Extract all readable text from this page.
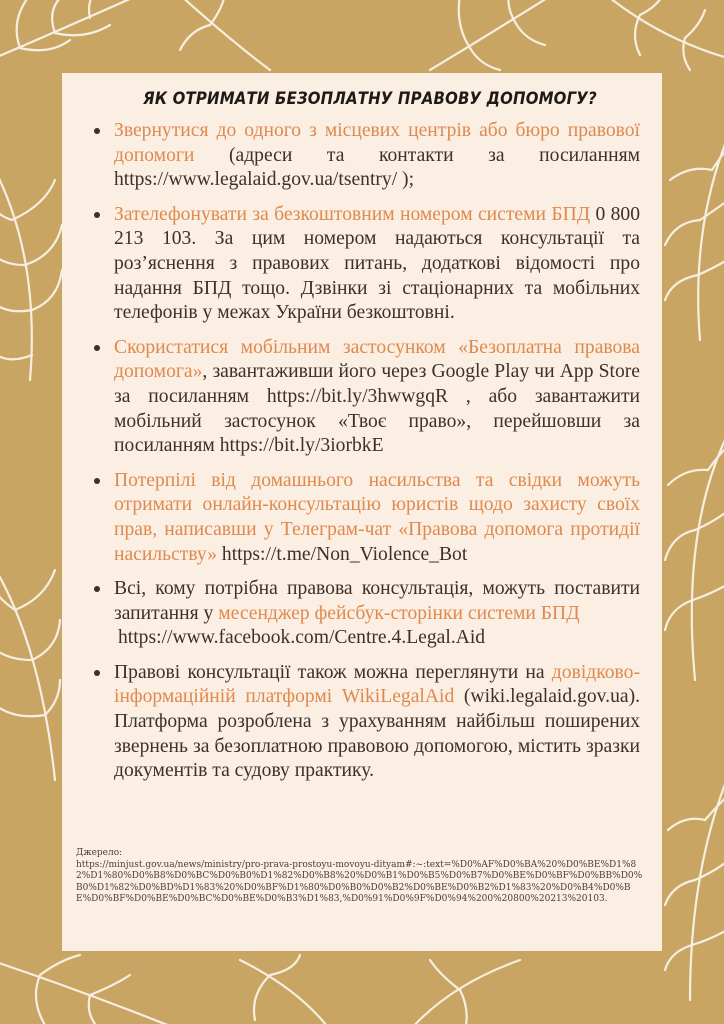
ЯК ОТРИМАТИ БЕЗОПЛАТНУ ПРАВОВУ ДОПОМОГУ?
Звернутися до одного з місцевих центрів або бюро правової допомоги (адреси та контакти за посиланням https://www.legalaid.gov.ua/tsentry/ );
Зателефонувати за безкоштовним номером системи БПД 0 800 213 103. За цим номером надаються консультації та роз’яснення з правових питань, додаткові відомості про надання БПД тощо. Дзвінки зі стаціонарних та мобільних телефонів у межах України безкоштовні.
Скористатися мобільним застосунком «Безоплатна правова допомога», завантаживши його через Google Play чи App Store за посиланням https://bit.ly/3hwwgqR , або завантажити мобільний застосунок «Твоє право», перейшовши за посиланням https://bit.ly/3iorbkE
Потерпілі від домашнього насильства та свідки можуть отримати онлайн-консультацію юристів щодо захисту своїх прав, написавши у Телеграм-чат «Правова допомога протидії насильству» https://t.me/Non_Violence_Bot
Всі, кому потрібна правова консультація, можуть поставити запитання у месенджер фейсбук-сторінки системи БПД
https://www.facebook.com/Centre.4.Legal.Aid
Правові консультації також можна переглянути на довідково-інформаційній платформі WikiLegalAid (wiki.legalaid.gov.ua). Платформа розроблена з урахуванням найбільш поширених звернень за безоплатною правовою допомогою, містить зразки документів та судову практику.
Джерело:
https://minjust.gov.ua/news/ministry/pro-prava-prostoyu-movoyu-dityam#:~:text=%D0%AF%D0%BA%20%D0%BE%D1%82%D1%80%D0%B8%D0%BC%D0%B0%D1%82%D0%B8%20%D0%B1%D0%B5%D0%B7%D0%BE%D0%BF%D0%BB%D0%B0%D1%82%D0%BD%D1%83%20%D0%BF%D1%80%D0%B0%D0%B2%D0%BE%D0%B2%D1%83%20%D0%B4%D0%BE%D0%BF%D0%BE%D0%BC%D0%BE%D0%B3%D1%83,%D0%91%D0%9F%D0%94%200%20800%20213%20103.
